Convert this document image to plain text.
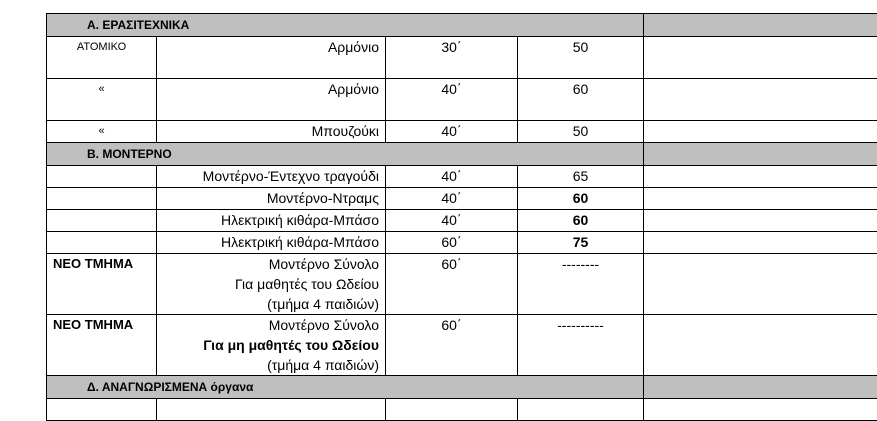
Α. ΕΡΑΣΙΤΕΧΝΙΚΑ				
ΑΤΟΜΙΚΟ	Αρμόνιο	30΄	50	
«	Αρμόνιο	40΄	60	
«	Μπουζούκι	40΄	50	
Β. ΜΟΝΤΕΡΝΟ				
	Μοντέρνο-Έντεχνο τραγούδι	40΄	65	
	Μοντέρνο-Ντραμς	40΄	60	
	Ηλεκτρική κιθάρα-Μπάσο	40΄	60	
	Ηλεκτρική κιθάρα-Μπάσο	60΄	75	
ΝΕΟ ΤΜΗΜΑ	Μοντέρνο Σύνολο
Για μαθητές του Ωδείου
(τμήμα 4 παιδιών)	60΄	--------	
ΝΕΟ ΤΜΗΜΑ	Μοντέρνο Σύνολο
Για μη μαθητές του Ωδείου
(τμήμα 4 παιδιών)	60΄	----------	
Δ. ΑΝΑΓΝΩΡΙΣΜΕΝΑ όργανα				
